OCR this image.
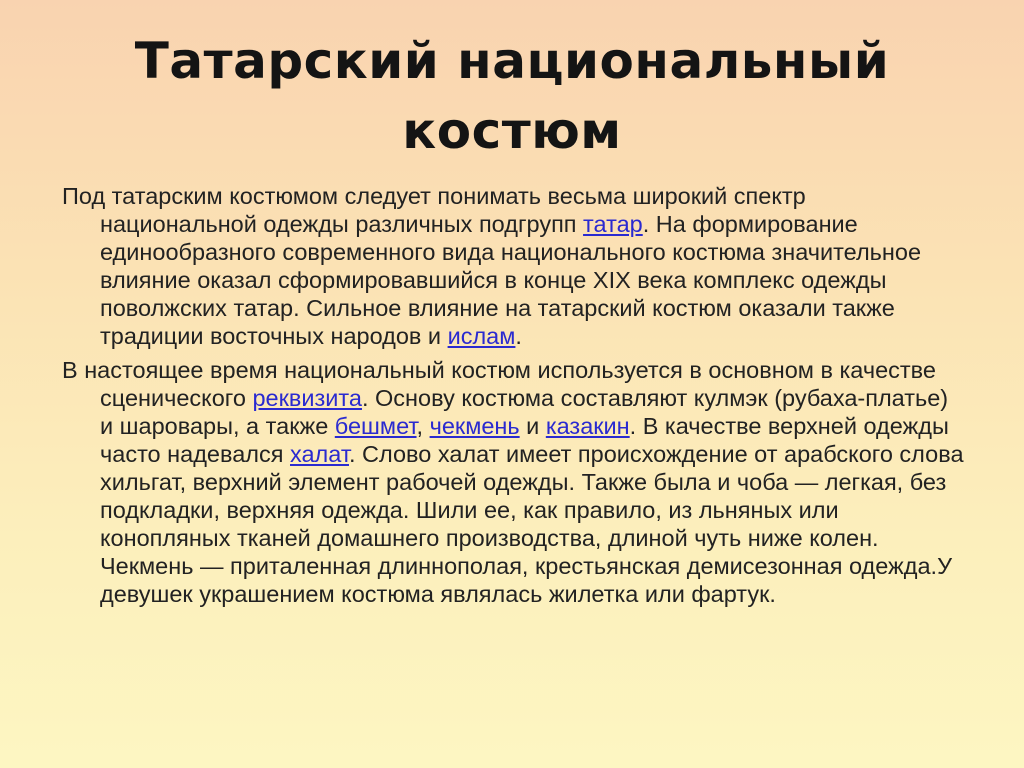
Татарский национальный
костюм

Под татарским костюмом следует понимать весьма широкий спектр национальной одежды различных подгрупп татар. На формирование единообразного современного вида национального костюма значительное влияние оказал сформировавшийся в конце XIX века комплекс одежды поволжских татар. Сильное влияние на татарский костюм оказали также традиции восточных народов и ислам.

В настоящее время национальный костюм используется в основном в качестве сценического реквизита. Основу костюма составляют кулмэк (рубаха-платье) и шаровары, а также бешмет, чекмень и казакин. В качестве верхней одежды часто надевался халат. Слово халат имеет происхождение от арабского слова хильгат, верхний элемент рабочей одежды. Также была и чоба — легкая, без подкладки, верхняя одежда. Шили ее, как правило, из льняных или конопляных тканей домашнего производства, длиной чуть ниже колен. Чекмень — приталенная длиннополая, крестьянская демисезонная одежда.У девушек украшением костюма являлась жилетка или фартук.
